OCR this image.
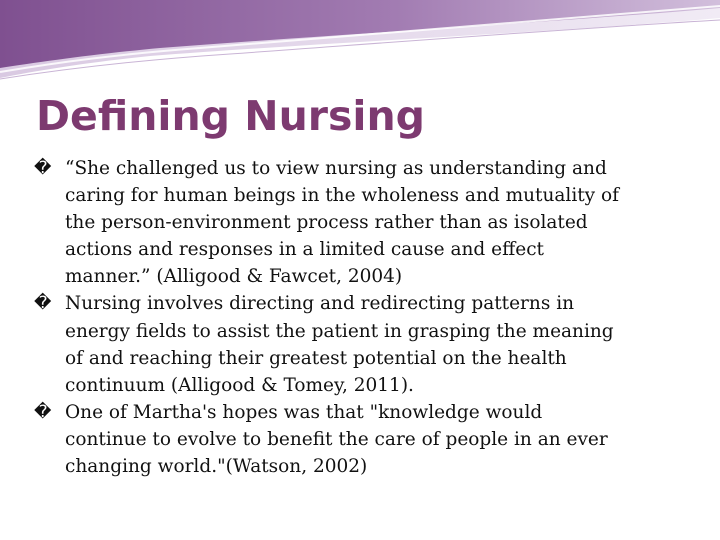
Defining Nursing
� “She challenged us to view nursing as understanding and
caring for human beings in the wholeness and mutuality of
the person-environment process rather than as isolated
actions and responses in a limited cause and effect
manner.” (Alligood & Fawcet, 2004)
� Nursing involves directing and redirecting patterns in
energy fields to assist the patient in grasping the meaning
of and reaching their greatest potential on the health
continuum (Alligood & Tomey, 2011).
� One of Martha's hopes was that "knowledge would
continue to evolve to benefit the care of people in an ever
changing world."(Watson, 2002)
